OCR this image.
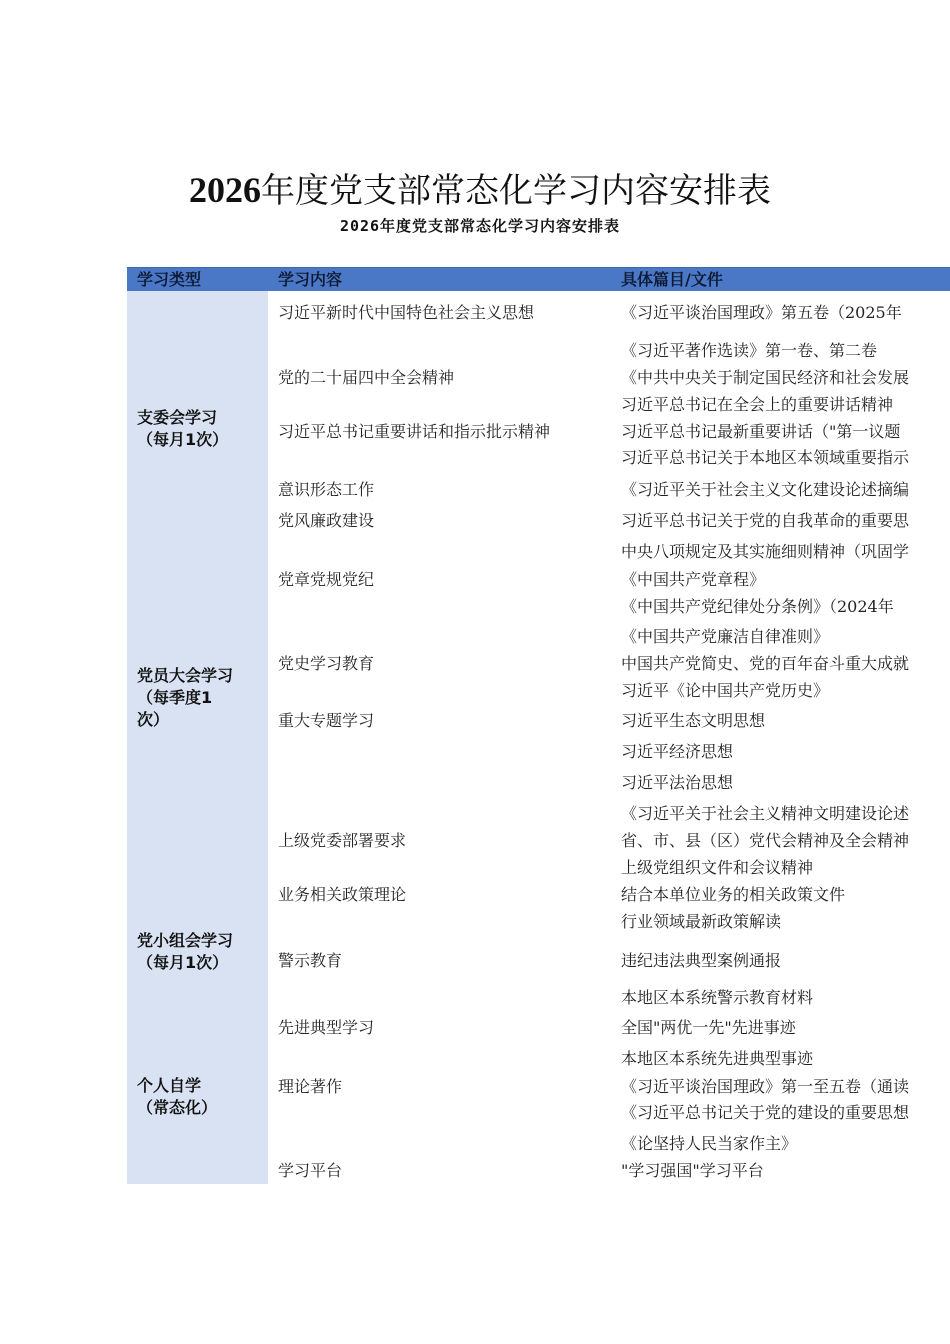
2026年度党支部常态化学习内容安排表
2026年度党支部常态化学习内容安排表
学习类型	学习内容	具体篇目/文件
支委会学习
（每月1次）
党员大会学习
（每季度1
次）
党小组会学习
（每月1次）
个人自学
（常态化）
习近平新时代中国特色社会主义思想
党的二十届四中全会精神
习近平总书记重要讲话和指示批示精神
意识形态工作
党风廉政建设
党章党规党纪
党史学习教育
重大专题学习
上级党委部署要求
业务相关政策理论
警示教育
先进典型学习
理论著作
学习平台
《习近平谈治国理政》第五卷（2025年
《习近平著作选读》第一卷、第二卷
《中共中央关于制定国民经济和社会发展
习近平总书记在全会上的重要讲话精神
习近平总书记最新重要讲话（"第一议题
习近平总书记关于本地区本领域重要指示
《习近平关于社会主义文化建设论述摘编
习近平总书记关于党的自我革命的重要思
中央八项规定及其实施细则精神（巩固学
《中国共产党章程》
《中国共产党纪律处分条例》（2024年
《中国共产党廉洁自律准则》
中国共产党简史、党的百年奋斗重大成就
习近平《论中国共产党历史》
习近平生态文明思想
习近平经济思想
习近平法治思想
《习近平关于社会主义精神文明建设论述
省、市、县（区）党代会精神及全会精神
上级党组织文件和会议精神
结合本单位业务的相关政策文件
行业领域最新政策解读
违纪违法典型案例通报
本地区本系统警示教育材料
全国"两优一先"先进事迹
本地区本系统先进典型事迹
《习近平谈治国理政》第一至五卷（通读
《习近平总书记关于党的建设的重要思想
《论坚持人民当家作主》
"学习强国"学习平台
